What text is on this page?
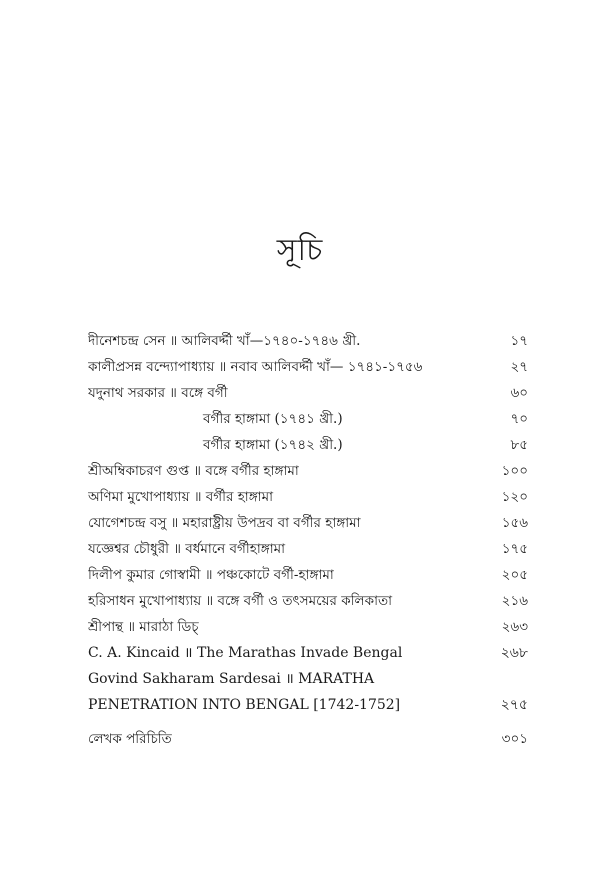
সূচি
দীনেশচন্দ্র সেন ॥ আলিবর্দ্দী খাঁ—১৭৪০-১৭৪৬ খ্রী.	১৭
কালীপ্রসন্ন বন্দ্যোপাধ্যায় ॥ নবাব আলিবর্দ্দী খাঁ— ১৭৪১-১৭৫৬	২৭
যদুনাথ সরকার ॥ বঙ্গে বর্গী	৬০
বর্গীর হাঙ্গামা (১৭৪১ খ্রী.)	৭০
বর্গীর হাঙ্গামা (১৭৪২ খ্রী.)	৮৫
শ্রীঅম্বিকাচরণ গুপ্ত ॥ বঙ্গে বর্গীর হাঙ্গামা	১০০
অণিমা মুখোপাধ্যায় ॥ বর্গীর হাঙ্গামা	১২০
যোগেশচন্দ্র বসু ॥ মহারাষ্ট্রীয় উপদ্রব বা বর্গীর হাঙ্গামা	১৫৬
যজ্ঞেশ্বর চৌধুরী ॥ বর্ধমানে বর্গীহাঙ্গামা	১৭৫
দিলীপ কুমার গোস্বামী ॥ পঞ্চকোটে বর্গী-হাঙ্গামা	২০৫
হরিসাধন মুখোপাধ্যায় ॥ বঙ্গে বর্গী ও তৎসময়ের কলিকাতা	২১৬
শ্রীপান্থ ॥ মারাঠা ডিচ্	২৬৩
C. A. Kincaid ॥ The Marathas Invade Bengal	২৬৮
Govind Sakharam Sardesai ॥ MARATHA PENETRATION INTO BENGAL [1742-1752]	২৭৫
লেখক পরিচিতি	৩০১
